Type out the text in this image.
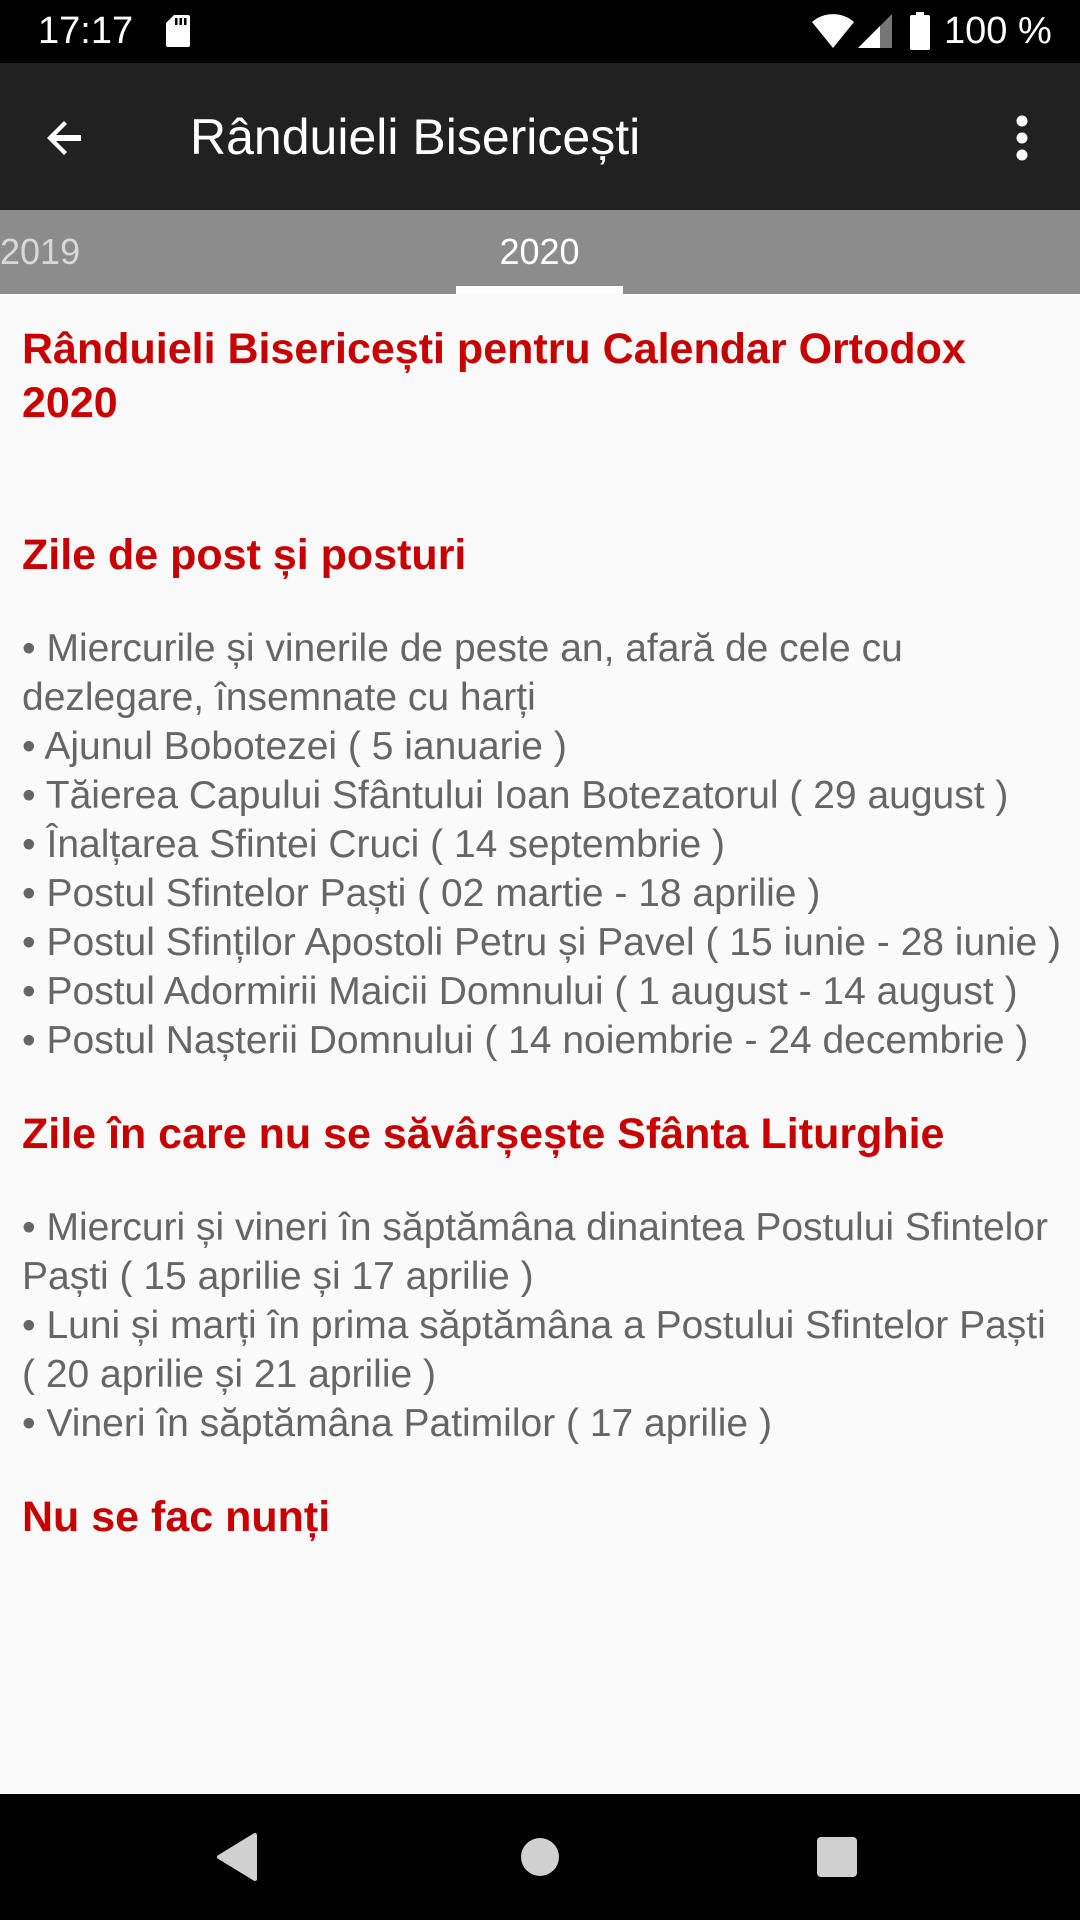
17:17	100 %
Rânduieli Bisericești
2019	2020
Rânduieli Bisericești pentru Calendar Ortodox 2020
Zile de post și posturi
• Miercurile și vinerile de peste an, afară de cele cu dezlegare, însemnate cu harți
• Ajunul Bobotezei ( 5 ianuarie )
• Tăierea Capului Sfântului Ioan Botezatorul ( 29 august )
• Înalțarea Sfintei Cruci ( 14 septembrie )
• Postul Sfintelor Paști ( 02 martie - 18 aprilie )
• Postul Sfinților Apostoli Petru și Pavel ( 15 iunie - 28 iunie )
• Postul Adormirii Maicii Domnului ( 1 august - 14 august )
• Postul Nașterii Domnului ( 14 noiembrie - 24 decembrie )
Zile în care nu se săvârșește Sfânta Liturghie
• Miercuri și vineri în săptămâna dinaintea Postului Sfintelor Paști ( 15 aprilie și 17 aprilie )
• Luni și marți în prima săptămâna a Postului Sfintelor Paști ( 20 aprilie și 21 aprilie )
• Vineri în săptămâna Patimilor ( 17 aprilie )
Nu se fac nunți
